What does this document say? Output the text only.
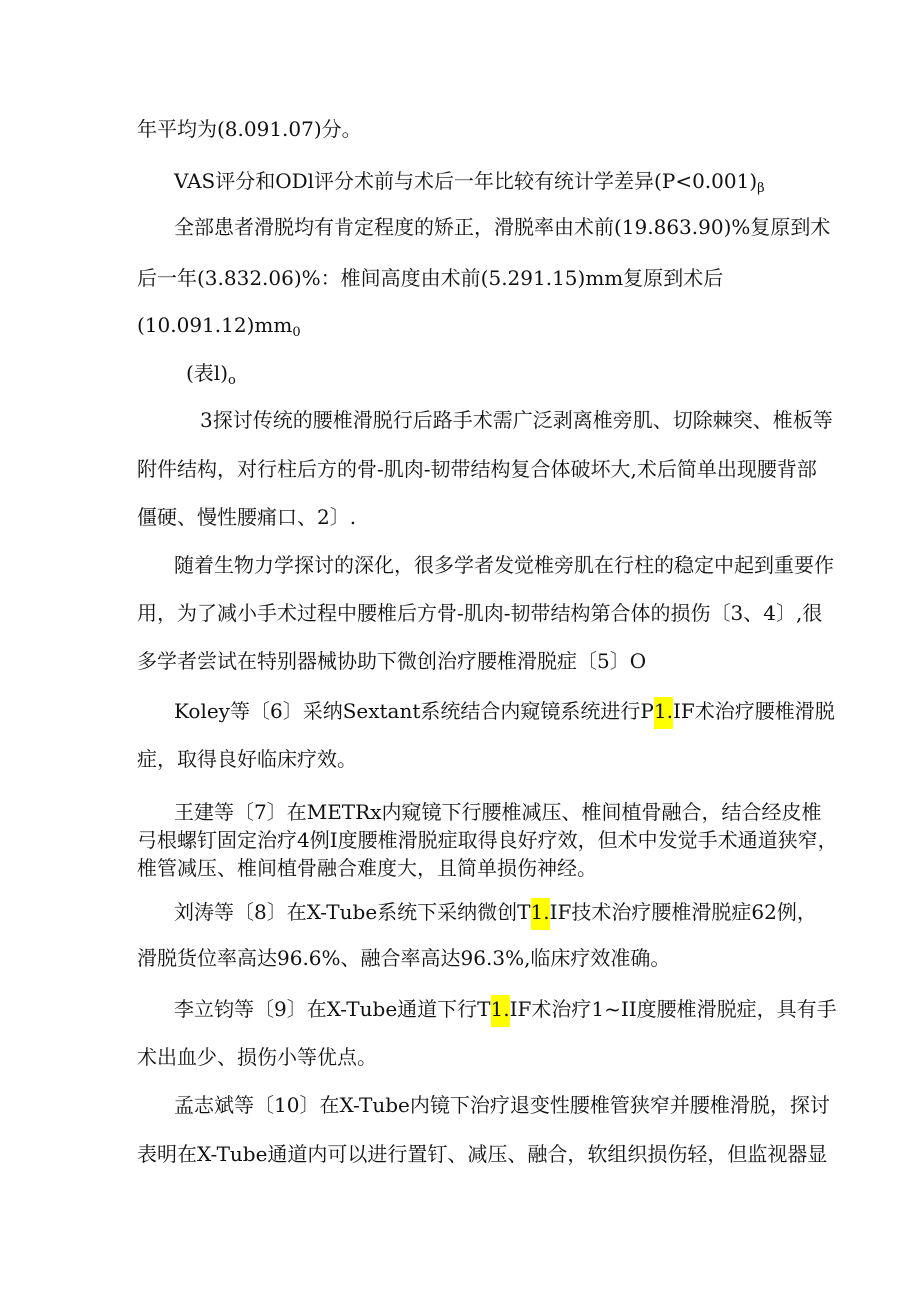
年平均为(8.091.07)分。
VAS评分和ODl评分术前与术后一年比较有统计学差异$(P<0.001)_\beta$
全部患者滑脱均有肯定程度的矫正，滑脱率由术前(19.863.90)%复原到术
后一年(3.832.06)%：椎间高度由术前(5.291.15)mm复原到术后
$(10.091.12)mm_0$
(表$l)_o$
3探讨传统的腰椎滑脱行后路手术需广泛剥离椎旁肌、切除棘突、椎板等
附件结构，对行柱后方的骨-肌肉-韧带结构复合体破坏大,术后简单出现腰背部
僵硬、慢性腰痛口、2〕.
随着生物力学探讨的深化，很多学者发觉椎旁肌在行柱的稳定中起到重要作
用，为了减小手术过程中腰椎后方骨-肌肉-韧带结构第合体的损伤〔3、4〕,很
多学者尝试在特别器械协助下微创治疗腰椎滑脱症〔5〕O
Koley等〔6〕采纳Sextant系统结合内窥镜系统进行P1.IF术治疗腰椎滑脱
症，取得良好临床疗效。
王建等〔7〕在METRx内窥镜下行腰椎减压、椎间植骨融合，结合经皮椎
弓根螺钉固定治疗4例I度腰椎滑脱症取得良好疗效，但术中发觉手术通道狭窄，
椎管减压、椎间植骨融合难度大，且简单损伤神经。
刘涛等〔8〕在X-Tube系统下采纳微创T1.IF技术治疗腰椎滑脱症62例，
滑脱货位率高达96.6%、融合率高达96.3%,临床疗效准确。
李立钧等〔9〕在X-Tube通道下行T1.IF术治疗1~II度腰椎滑脱症，具有手
术出血少、损伤小等优点。
孟志斌等〔10〕在X-Tube内镜下治疗退变性腰椎管狭窄并腰椎滑脱，探讨
表明在X-Tube通道内可以进行置钉、减压、融合，软组织损伤轻，但监视器显
